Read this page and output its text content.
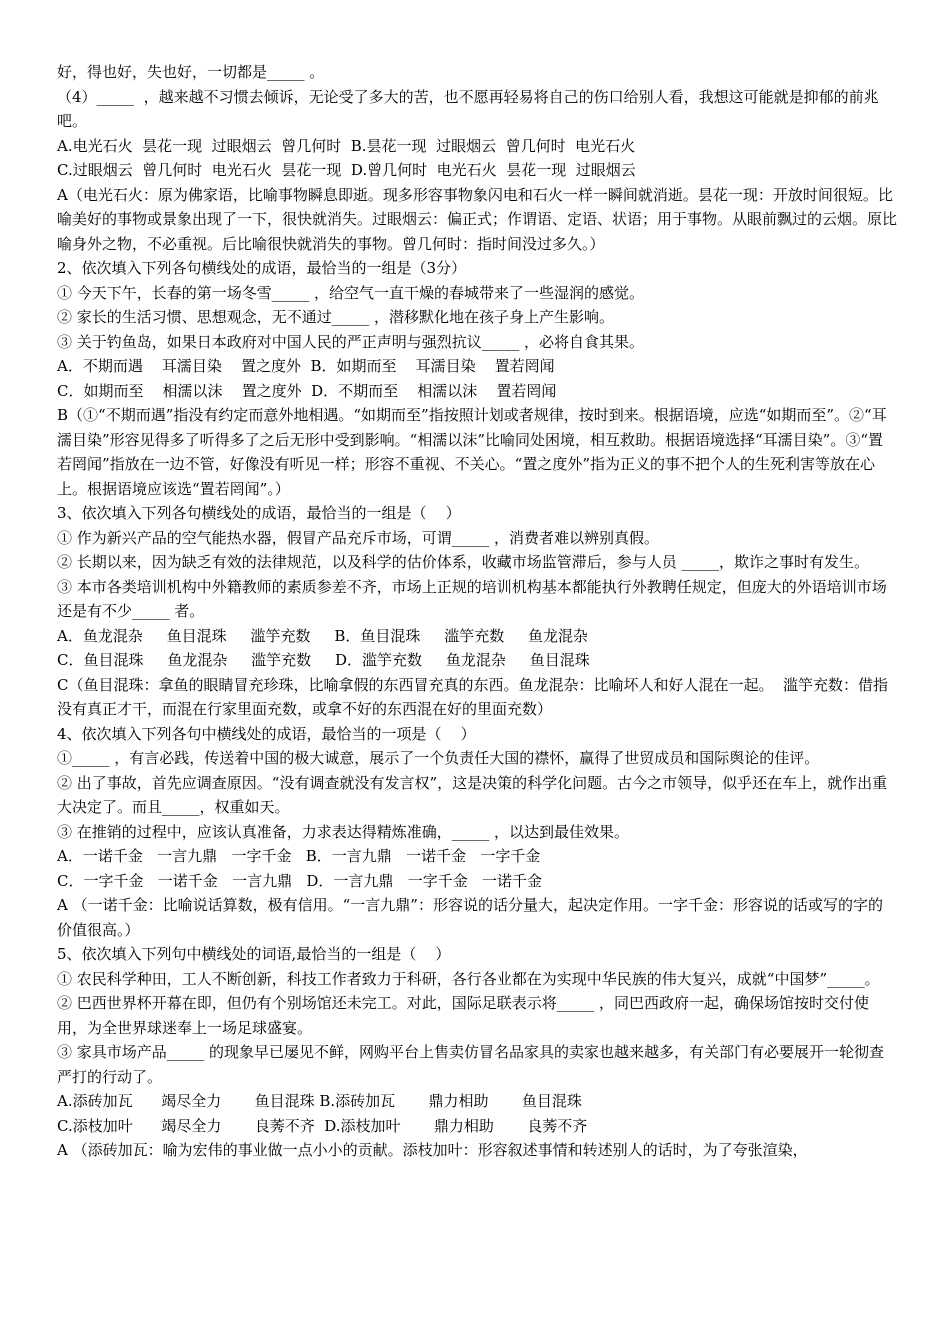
好，得也好，失也好，一切都是_____ 。
（4）_____  ，越来越不习惯去倾诉，无论受了多大的苦，也不愿再轻易将自己的伤口给别人看，我想这可能就是抑郁的前兆吧。
A.电光石火  昙花一现  过眼烟云  曾几何时  B.昙花一现  过眼烟云  曾几何时  电光石火
C.过眼烟云  曾几何时  电光石火  昙花一现  D.曾几何时  电光石火  昙花一现  过眼烟云
A（电光石火：原为佛家语，比喻事物瞬息即逝。现多形容事物象闪电和石火一样一瞬间就消逝。昙花一现：开放时间很短。比喻美好的事物或景象出现了一下，很快就消失。过眼烟云：偏正式；作谓语、定语、状语；用于事物。从眼前飘过的云烟。原比喻身外之物，不必重视。后比喻很快就消失的事物。曾几何时：指时间没过多久。）
2、依次填入下列各句横线处的成语，最恰当的一组是（3分）
① 今天下午，长春的第一场冬雪_____ ，给空气一直干燥的春城带来了一些湿润的感觉。
② 家长的生活习惯、思想观念，无不通过_____ ，潜移默化地在孩子身上产生影响。
③ 关于钓鱼岛，如果日本政府对中国人民的严正声明与强烈抗议_____ ，必将自食其果。
A．不期而遇    耳濡目染    置之度外  B．如期而至    耳濡目染    置若罔闻
C．如期而至    相濡以沫    置之度外  D．不期而至    相濡以沫    置若罔闻
B（①“不期而遇”指没有约定而意外地相遇。“如期而至”指按照计划或者规律，按时到来。根据语境，应选“如期而至”。②“耳濡目染”形容见得多了听得多了之后无形中受到影响。“相濡以沫”比喻同处困境，相互救助。根据语境选择“耳濡目染”。③“置若罔闻”指放在一边不管，好像没有听见一样；形容不重视、不关心。“置之度外”指为正义的事不把个人的生死利害等放在心上。根据语境应该选“置若罔闻”。）
3、依次填入下列各句横线处的成语，最恰当的一组是（    ）
① 作为新兴产品的空气能热水器，假冒产品充斥市场，可谓_____ ，消费者难以辨别真假。
② 长期以来，因为缺乏有效的法律规范，以及科学的估价体系，收藏市场监管滞后，参与人员 _____，欺诈之事时有发生。
③ 本市各类培训机构中外籍教师的素质参差不齐，市场上正规的培训机构基本都能执行外教聘任规定，但庞大的外语培训市场还是有不少_____ 者。
A．鱼龙混杂     鱼目混珠     滥竽充数     B．鱼目混珠     滥竽充数     鱼龙混杂
C．鱼目混珠     鱼龙混杂     滥竽充数     D．滥竽充数     鱼龙混杂     鱼目混珠
C（鱼目混珠：拿鱼的眼睛冒充珍珠，比喻拿假的东西冒充真的东西。鱼龙混杂：比喻坏人和好人混在一起。  滥竽充数：借指没有真正才干，而混在行家里面充数，或拿不好的东西混在好的里面充数）
4、依次填入下列各句中横线处的成语，最恰当的一项是（    ）
①_____ ，有言必践，传送着中国的极大诚意，展示了一个负责任大国的襟怀，赢得了世贸成员和国际舆论的佳评。
② 出了事故，首先应调查原因。“没有调查就没有发言权”，这是决策的科学化问题。古今之市领导，似乎还在车上，就作出重大决定了。而且_____，权重如天。
③ 在推销的过程中，应该认真准备，力求表达得精炼准确，_____ ，以达到最佳效果。
A．一诺千金   一言九鼎   一字千金   B．一言九鼎   一诺千金   一字千金
C．一字千金   一诺千金   一言九鼎   D．一言九鼎   一字千金   一诺千金
A （一诺千金：比喻说话算数，极有信用。“一言九鼎”：形容说的话分量大，起决定作用。一字千金：形容说的话或写的字的价值很高。）
5、依次填入下列句中横线处的词语,最恰当的一组是（    ）
① 农民科学种田，工人不断创新，科技工作者致力于科研，各行各业都在为实现中华民族的伟大复兴，成就“中国梦”_____。
② 巴西世界杯开幕在即，但仍有个别场馆还未完工。对此，国际足联表示将_____ ，同巴西政府一起，确保场馆按时交付使用，为全世界球迷奉上一场足球盛宴。
③ 家具市场产品_____ 的现象早已屡见不鲜，网购平台上售卖仿冒名品家具的卖家也越来越多，有关部门有必要展开一轮彻查严打的行动了。
A.添砖加瓦      竭尽全力       鱼目混珠 B.添砖加瓦       鼎力相助       鱼目混珠
C.添枝加叶      竭尽全力       良莠不齐  D.添枝加叶       鼎力相助       良莠不齐
A （添砖加瓦：喻为宏伟的事业做一点小小的贡献。添枝加叶：形容叙述事情和转述别人的话时，为了夸张渲染，
